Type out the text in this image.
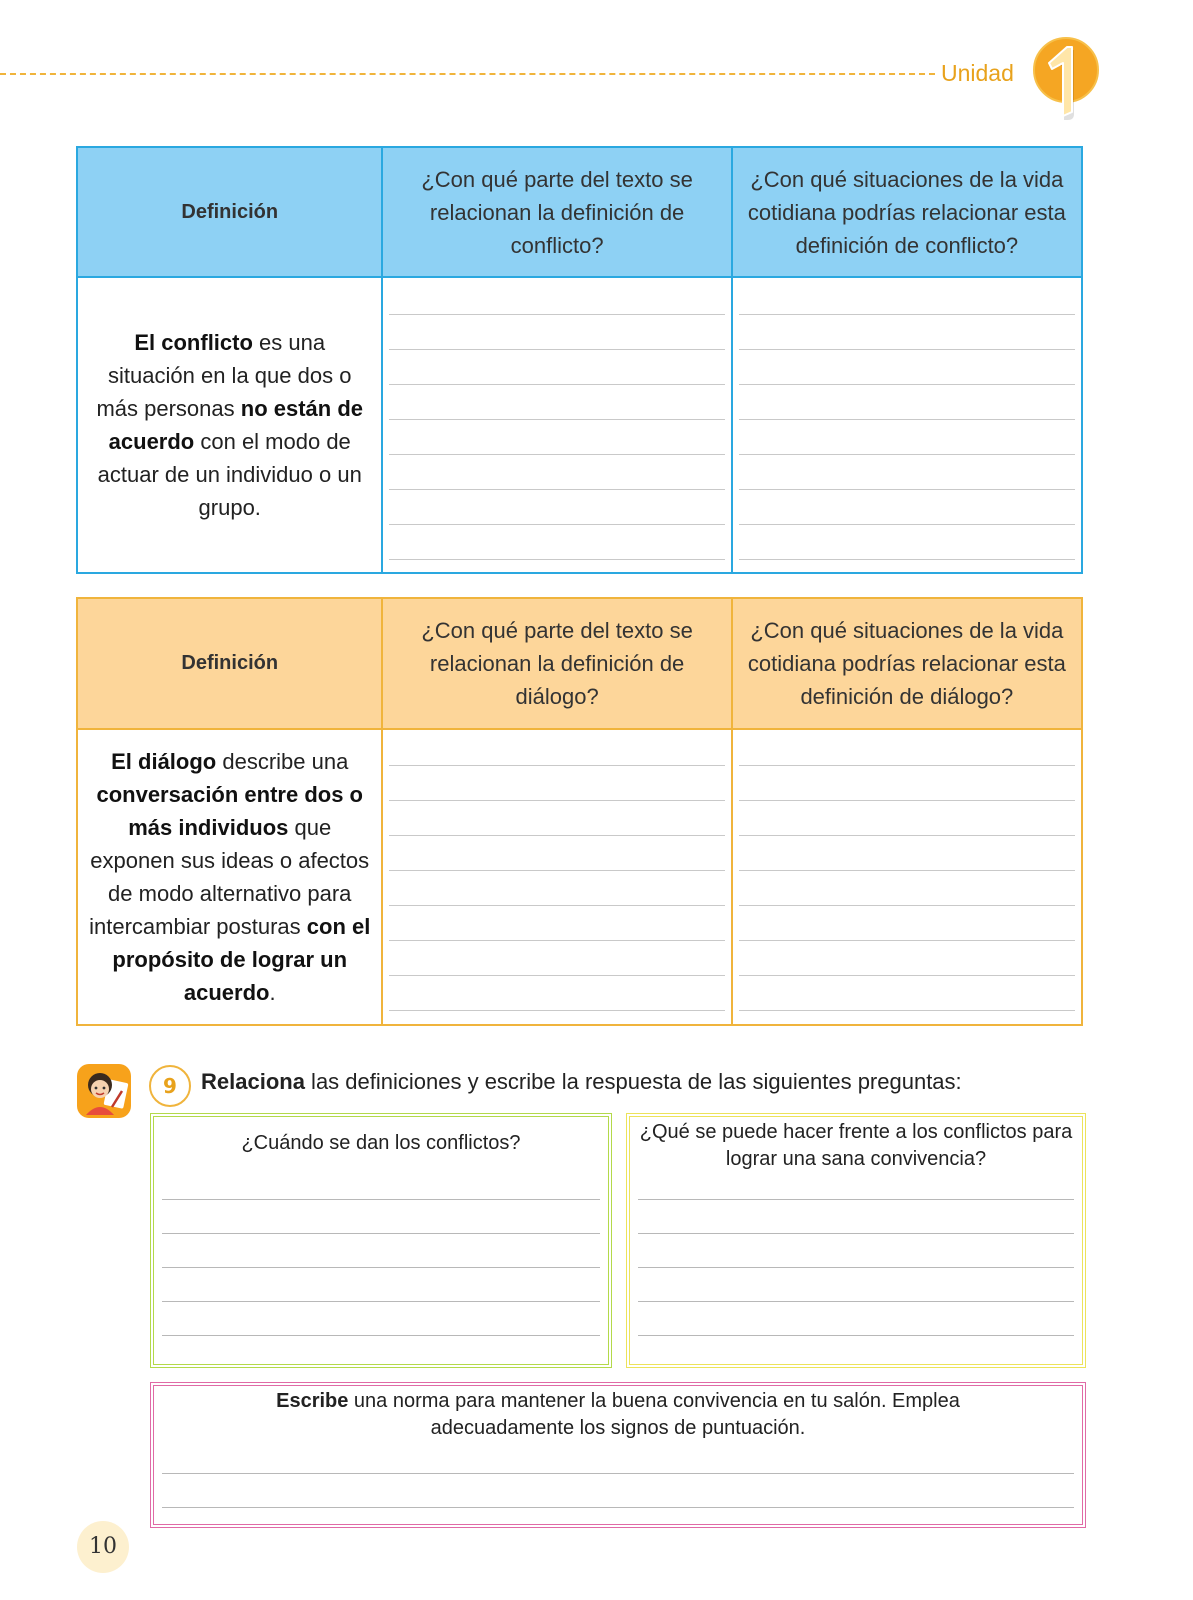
Unidad	1
Definición	¿Con qué parte del texto se relacionan la definición de conflicto?	¿Con qué situaciones de la vida cotidiana podrías relacionar esta definición de conflicto?
El conflicto es una situación en la que dos o más personas no están de acuerdo con el modo de actuar de un individuo o un grupo.	

Definición	¿Con qué parte del texto se relacionan la definición de diálogo?	¿Con qué situaciones de la vida cotidiana podrías relacionar esta definición de diálogo?
El diálogo describe una conversación entre dos o más individuos que exponen sus ideas o afectos de modo alternativo para intercambiar posturas con el propósito de lograr un acuerdo.	

9	Relaciona las definiciones y escribe la respuesta de las siguientes preguntas:
¿Cuándo se dan los conflictos?	¿Qué se puede hacer frente a los conflictos para lograr una sana convivencia?
Escribe una norma para mantener la buena convivencia en tu salón. Emplea adecuadamente los signos de puntuación.
10
